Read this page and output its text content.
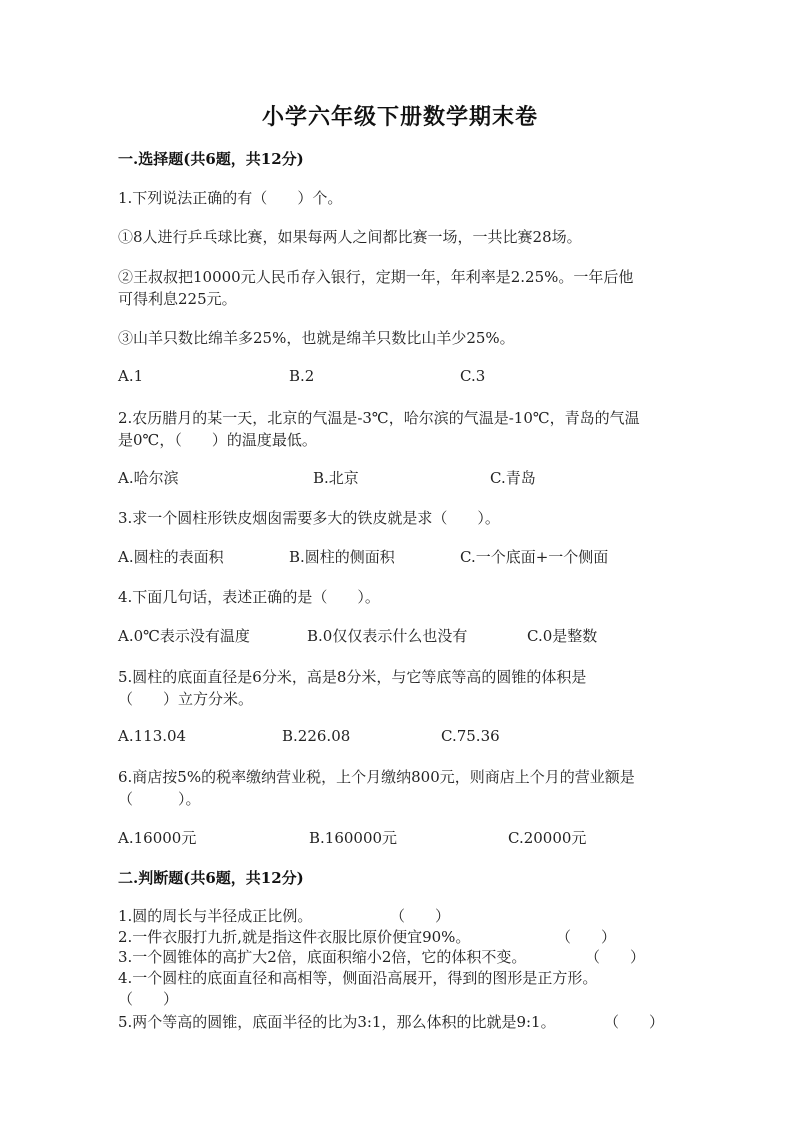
小学六年级下册数学期末卷
一.选择题(共6题，共12分)
1.下列说法正确的有（　　）个。
①8人进行乒乓球比赛，如果每两人之间都比赛一场，一共比赛28场。
②王叔叔把10000元人民币存入银行，定期一年，年利率是2.25%。一年后他
可得利息225元。
③山羊只数比绵羊多25%，也就是绵羊只数比山羊少25%。
A.1	B.2	C.3
2.农历腊月的某一天，北京的气温是-3℃，哈尔滨的气温是-10℃，青岛的气温
是0℃，（　　）的温度最低。
A.哈尔滨	B.北京	C.青岛
3.求一个圆柱形铁皮烟囱需要多大的铁皮就是求（　　）。
A.圆柱的表面积	B.圆柱的侧面积	C.一个底面+一个侧面
4.下面几句话，表述正确的是（　　）。
A.0℃表示没有温度	B.0仅仅表示什么也没有	C.0是整数
5.圆柱的底面直径是6分米，高是8分米，与它等底等高的圆锥的体积是
（　　）立方分米。
A.113.04	B.226.08	C.75.36
6.商店按5%的税率缴纳营业税，上个月缴纳800元，则商店上个月的营业额是
（　　　）。
A.16000元	B.160000元	C.20000元
二.判断题(共6题，共12分)
1.圆的周长与半径成正比例。	（　　）
2.一件衣服打九折,就是指这件衣服比原价便宜90%。	（　　）
3.一个圆锥体的高扩大2倍，底面积缩小2倍，它的体积不变。	（　　）
4.一个圆柱的底面直径和高相等，侧面沿高展开，得到的图形是正方形。
（　　）
5.两个等高的圆锥，底面半径的比为3:1，那么体积的比就是9:1。	（　　）
